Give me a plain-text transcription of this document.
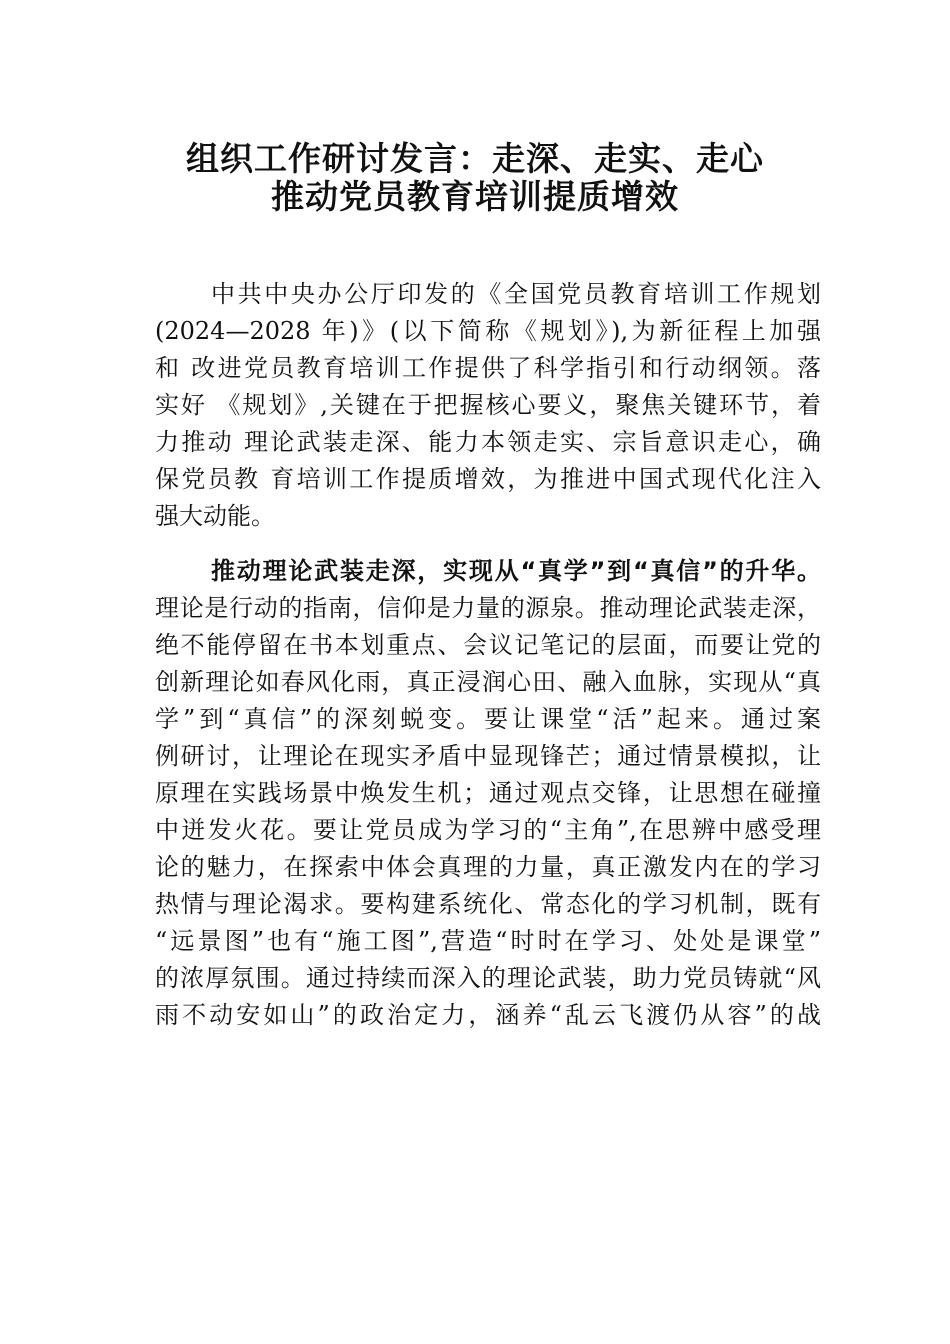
组织工作研讨发言：走深、走实、走心
推动党员教育培训提质增效
中共中央办公厅印发的《全国党员教育培训工作规划
(2024—2028 年)》(以下简称《规划》),为新征程上加强
和 改进党员教育培训工作提供了科学指引和行动纲领。落
实好 《规划》,关键在于把握核心要义，聚焦关键环节，着
力推动 理论武装走深、能力本领走实、宗旨意识走心，确
保党员教 育培训工作提质增效，为推进中国式现代化注入
强大动能。
推动理论武装走深，实现从“真学”到“真信”的升华。
理论是行动的指南，信仰是力量的源泉。推动理论武装走深，
绝不能停留在书本划重点、会议记笔记的层面，而要让党的
创新理论如春风化雨，真正浸润心田、融入血脉，实现从“真
学”到“真信”的深刻蜕变。要让课堂“活”起来。通过案
例研讨，让理论在现实矛盾中显现锋芒；通过情景模拟，让
原理在实践场景中焕发生机；通过观点交锋，让思想在碰撞
中迸发火花。要让党员成为学习的“主角”,在思辨中感受理
论的魅力，在探索中体会真理的力量，真正激发内在的学习
热情与理论渴求。要构建系统化、常态化的学习机制，既有
“远景图”也有“施工图”,营造“时时在学习、处处是课堂”
的浓厚氛围。通过持续而深入的理论武装，助力党员铸就“风
雨不动安如山”的政治定力，涵养“乱云飞渡仍从容”的战
